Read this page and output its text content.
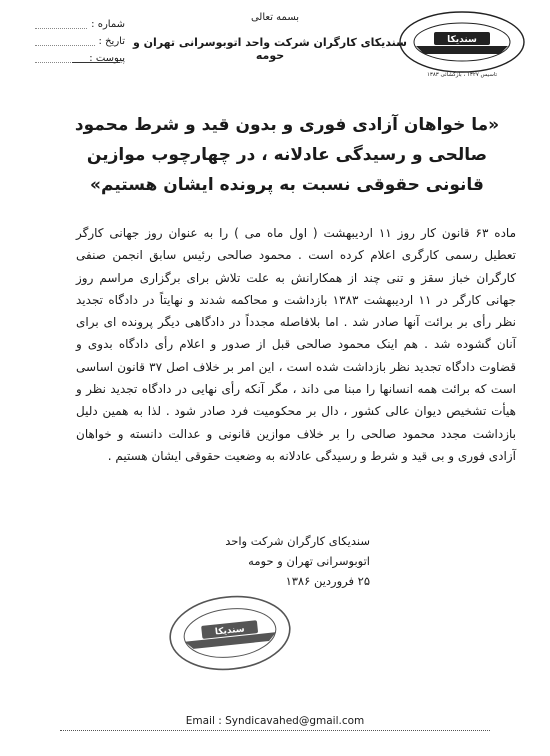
بسمه تعالی
سندیکای کارگران شرکت واحد اتوبوسرانی تهران و حومه
شماره :
تاریخ :
پیوست :
سندیکا
تاسیس ۱۳۲۷ ، بازگشائی ۱۳۸۳
«ما خواهان آزادی فوری و بدون قید و شرط محمود صالحی و رسیدگی عادلانه ، در چهارچوب موازین قانونی حقوقی نسبت به پرونده ایشان هستیم»
ماده ۶۳ قانون کار روز ۱۱ اردیبهشت ( اول ماه می ) را به عنوان روز جهانی کارگر تعطیل رسمی کارگری اعلام کرده است . محمود صالحی رئیس سابق انجمن صنفی کارگران خباز سقز و تنی چند از همکارانش به علت تلاش برای برگزاری مراسم روز جهانی کارگر در ۱۱ اردیبهشت ۱۳۸۳ بازداشت و محاکمه شدند و نهایتاً در دادگاه تجدید نظر رأی بر برائت آنها صادر شد . اما بلافاصله مجدداً در دادگاهی دیگر پرونده ای برای آنان گشوده شد . هم اینک محمود صالحی قبل از صدور و اعلام رأی دادگاه بدوی و قضاوت دادگاه تجدید نظر بازداشت شده است ، این امر بر خلاف اصل ۳۷ قانون اساسی است که برائت همه انسانها را مبنا می داند ، مگر آنکه رأی نهایی در دادگاه تجدید نظر و هیأت تشخیص دیوان عالی کشور ، دال بر محکومیت فرد صادر شود . لذا به همین دلیل بازداشت مجدد محمود صالحی را بر خلاف موازین قانونی و عدالت دانسته و خواهان آزادی فوری و بی قید و شرط و رسیدگی عادلانه به وضعیت حقوقی ایشان هستیم .
سندیکای کارگران شرکت واحد
اتوبوسرانی تهران و حومه
۲۵ فروردین ۱۳۸۶
سندیکا
Email : Syndicavahed@gmail.com
